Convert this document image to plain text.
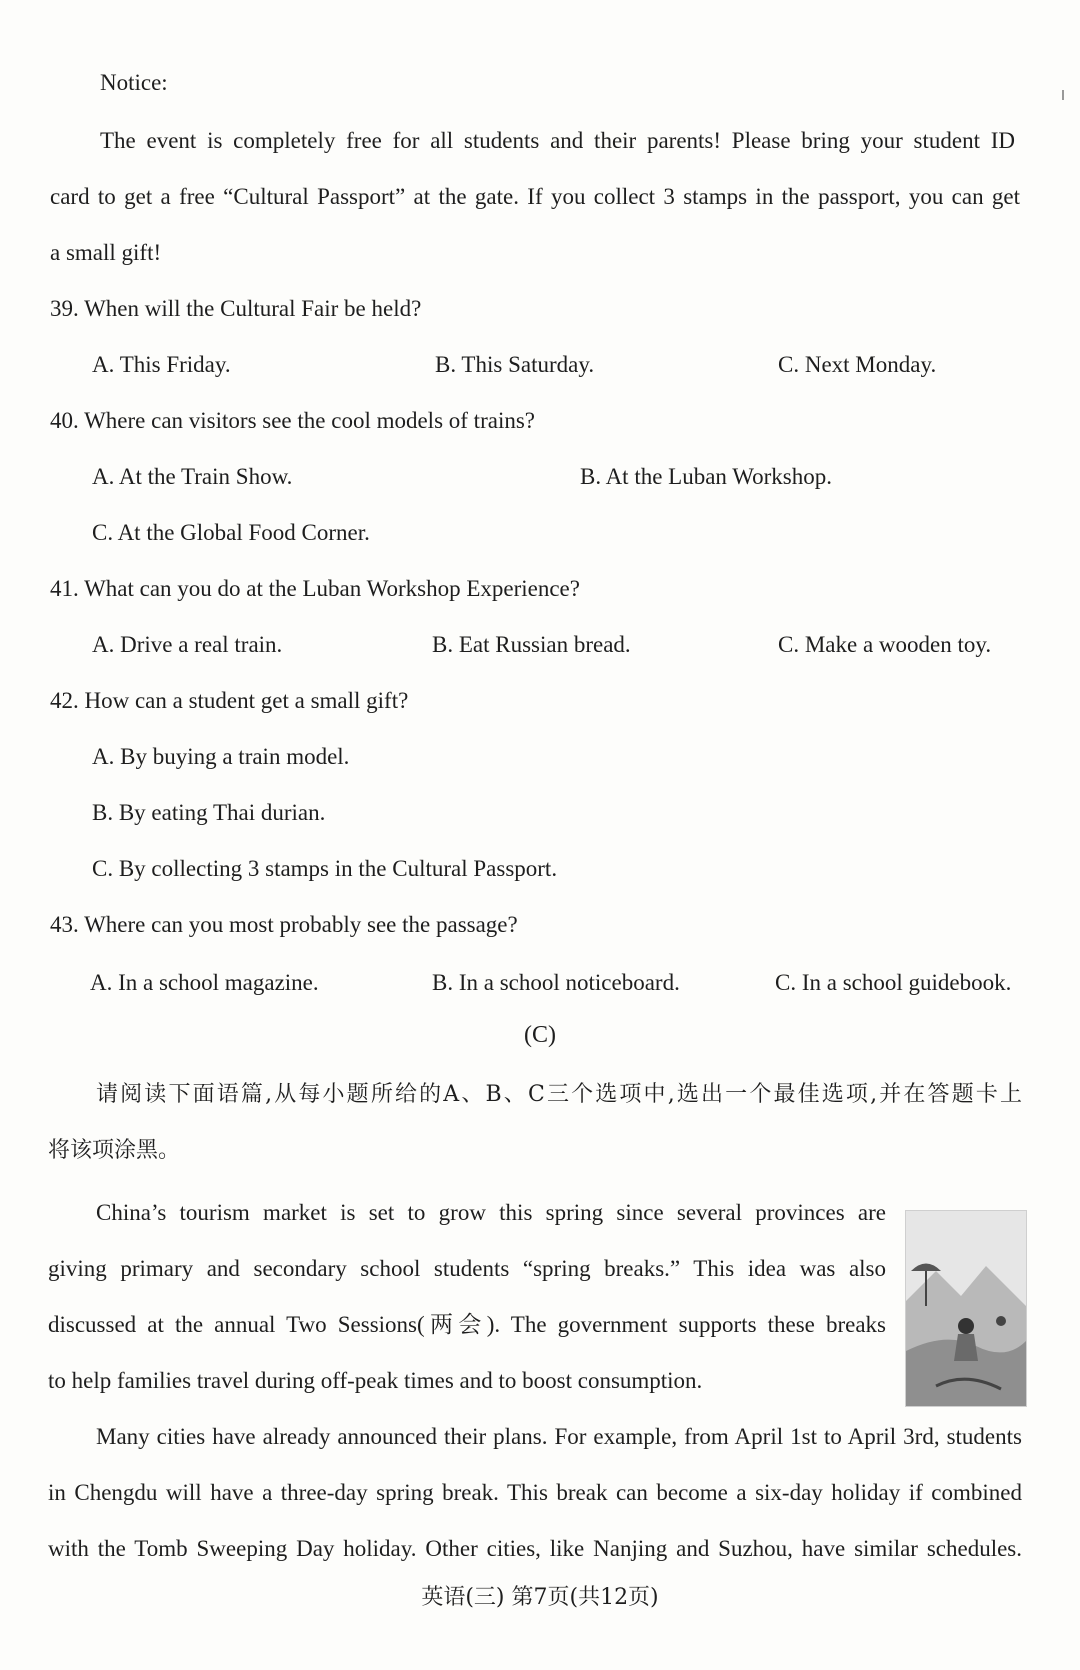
Notice:
The event is completely free for all students and their parents! Please bring your student ID
card to get a free “Cultural Passport” at the gate. If you collect 3 stamps in the passport, you can get
a small gift!
39. When will the Cultural Fair be held?
A. This Friday.	B. This Saturday.	C. Next Monday.
40. Where can visitors see the cool models of trains?
A. At the Train Show.	B. At the Luban Workshop.
C. At the Global Food Corner.
41. What can you do at the Luban Workshop Experience?
A. Drive a real train.	B. Eat Russian bread.	C. Make a wooden toy.
42. How can a student get a small gift?
A. By buying a train model.
B. By eating Thai durian.
C. By collecting 3 stamps in the Cultural Passport.
43. Where can you most probably see the passage?
A. In a school magazine.	B. In a school noticeboard.	C. In a school guidebook.
(C)
请阅读下面语篇,从每小题所给的A、B、C三个选项中,选出一个最佳选项,并在答题卡上
将该项涂黑。
China’s tourism market is set to grow this spring since several provinces are
giving primary and secondary school students “spring breaks.” This idea was also
discussed at the annual Two Sessions(两会). The government supports these breaks
to help families travel during off-peak times and to boost consumption.
Many cities have already announced their plans. For example, from April 1st to April 3rd, students
in Chengdu will have a three-day spring break. This break can become a six-day holiday if combined
with the Tomb Sweeping Day holiday. Other cities, like Nanjing and Suzhou, have similar schedules.
英语(三) 第7页(共12页)
